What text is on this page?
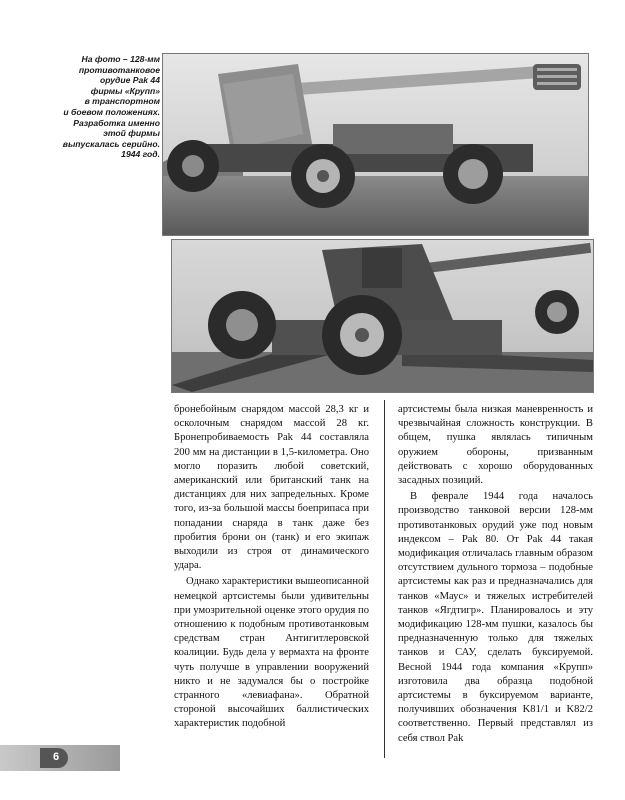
На фото – 128-мм
противотанковое
орудие Pak 44
фирмы «Крупп»
в транспортном
и боевом положениях.
Разработка именно
этой фирмы
выпускалась серийно.
1944 год.

бронебойным снарядом массой 28,3 кг и осколочным снарядом массой 28 кг. Бронепробиваемость Pak 44 составляла 200 мм на дистанции в 1,5-километра. Оно могло поразить любой советский, американский или британский танк на дистанциях для них запредельных. Кроме того, из-за большой массы боеприпаса при попадании снаряда в танк даже без пробития брони он (танк) и его экипаж выходили из строя от динамического удара.

Однако характеристики вышеописанной немецкой артсистемы были удивительны при умозрительной оценке этого орудия по отношению к подобным противотанковым средствам стран Антигитлеровской коалиции. Будь дела у вермахта на фронте чуть получше в управлении вооружений никто и не задумался бы о постройке странного «левиафана». Обратной стороной высочайших баллистических характеристик подобной

артсистемы была низкая маневренность и чрезвычайная сложность конструкции. В общем, пушка являлась типичным оружием обороны, призванным действовать с хорошо оборудованных засадных позиций.

В феврале 1944 года началось производство танковой версии 128-мм противотанковых орудий уже под новым индексом – Pak 80. От Pak 44 такая модификация отличалась главным образом отсутствием дульного тормоза – подобные артсистемы как раз и предназначались для танков «Маус» и тяжелых истребителей танков «Ягдтигр». Планировалось и эту модификацию 128-мм пушки, казалось бы предназначенную только для тяжелых танков и САУ, сделать буксируемой. Весной 1944 года компания «Крупп» изготовила два образца подобной артсистемы в буксируемом варианте, получивших обозначения K81/1 и K82/2 соответственно. Первый представлял из себя ствол Pak

6
